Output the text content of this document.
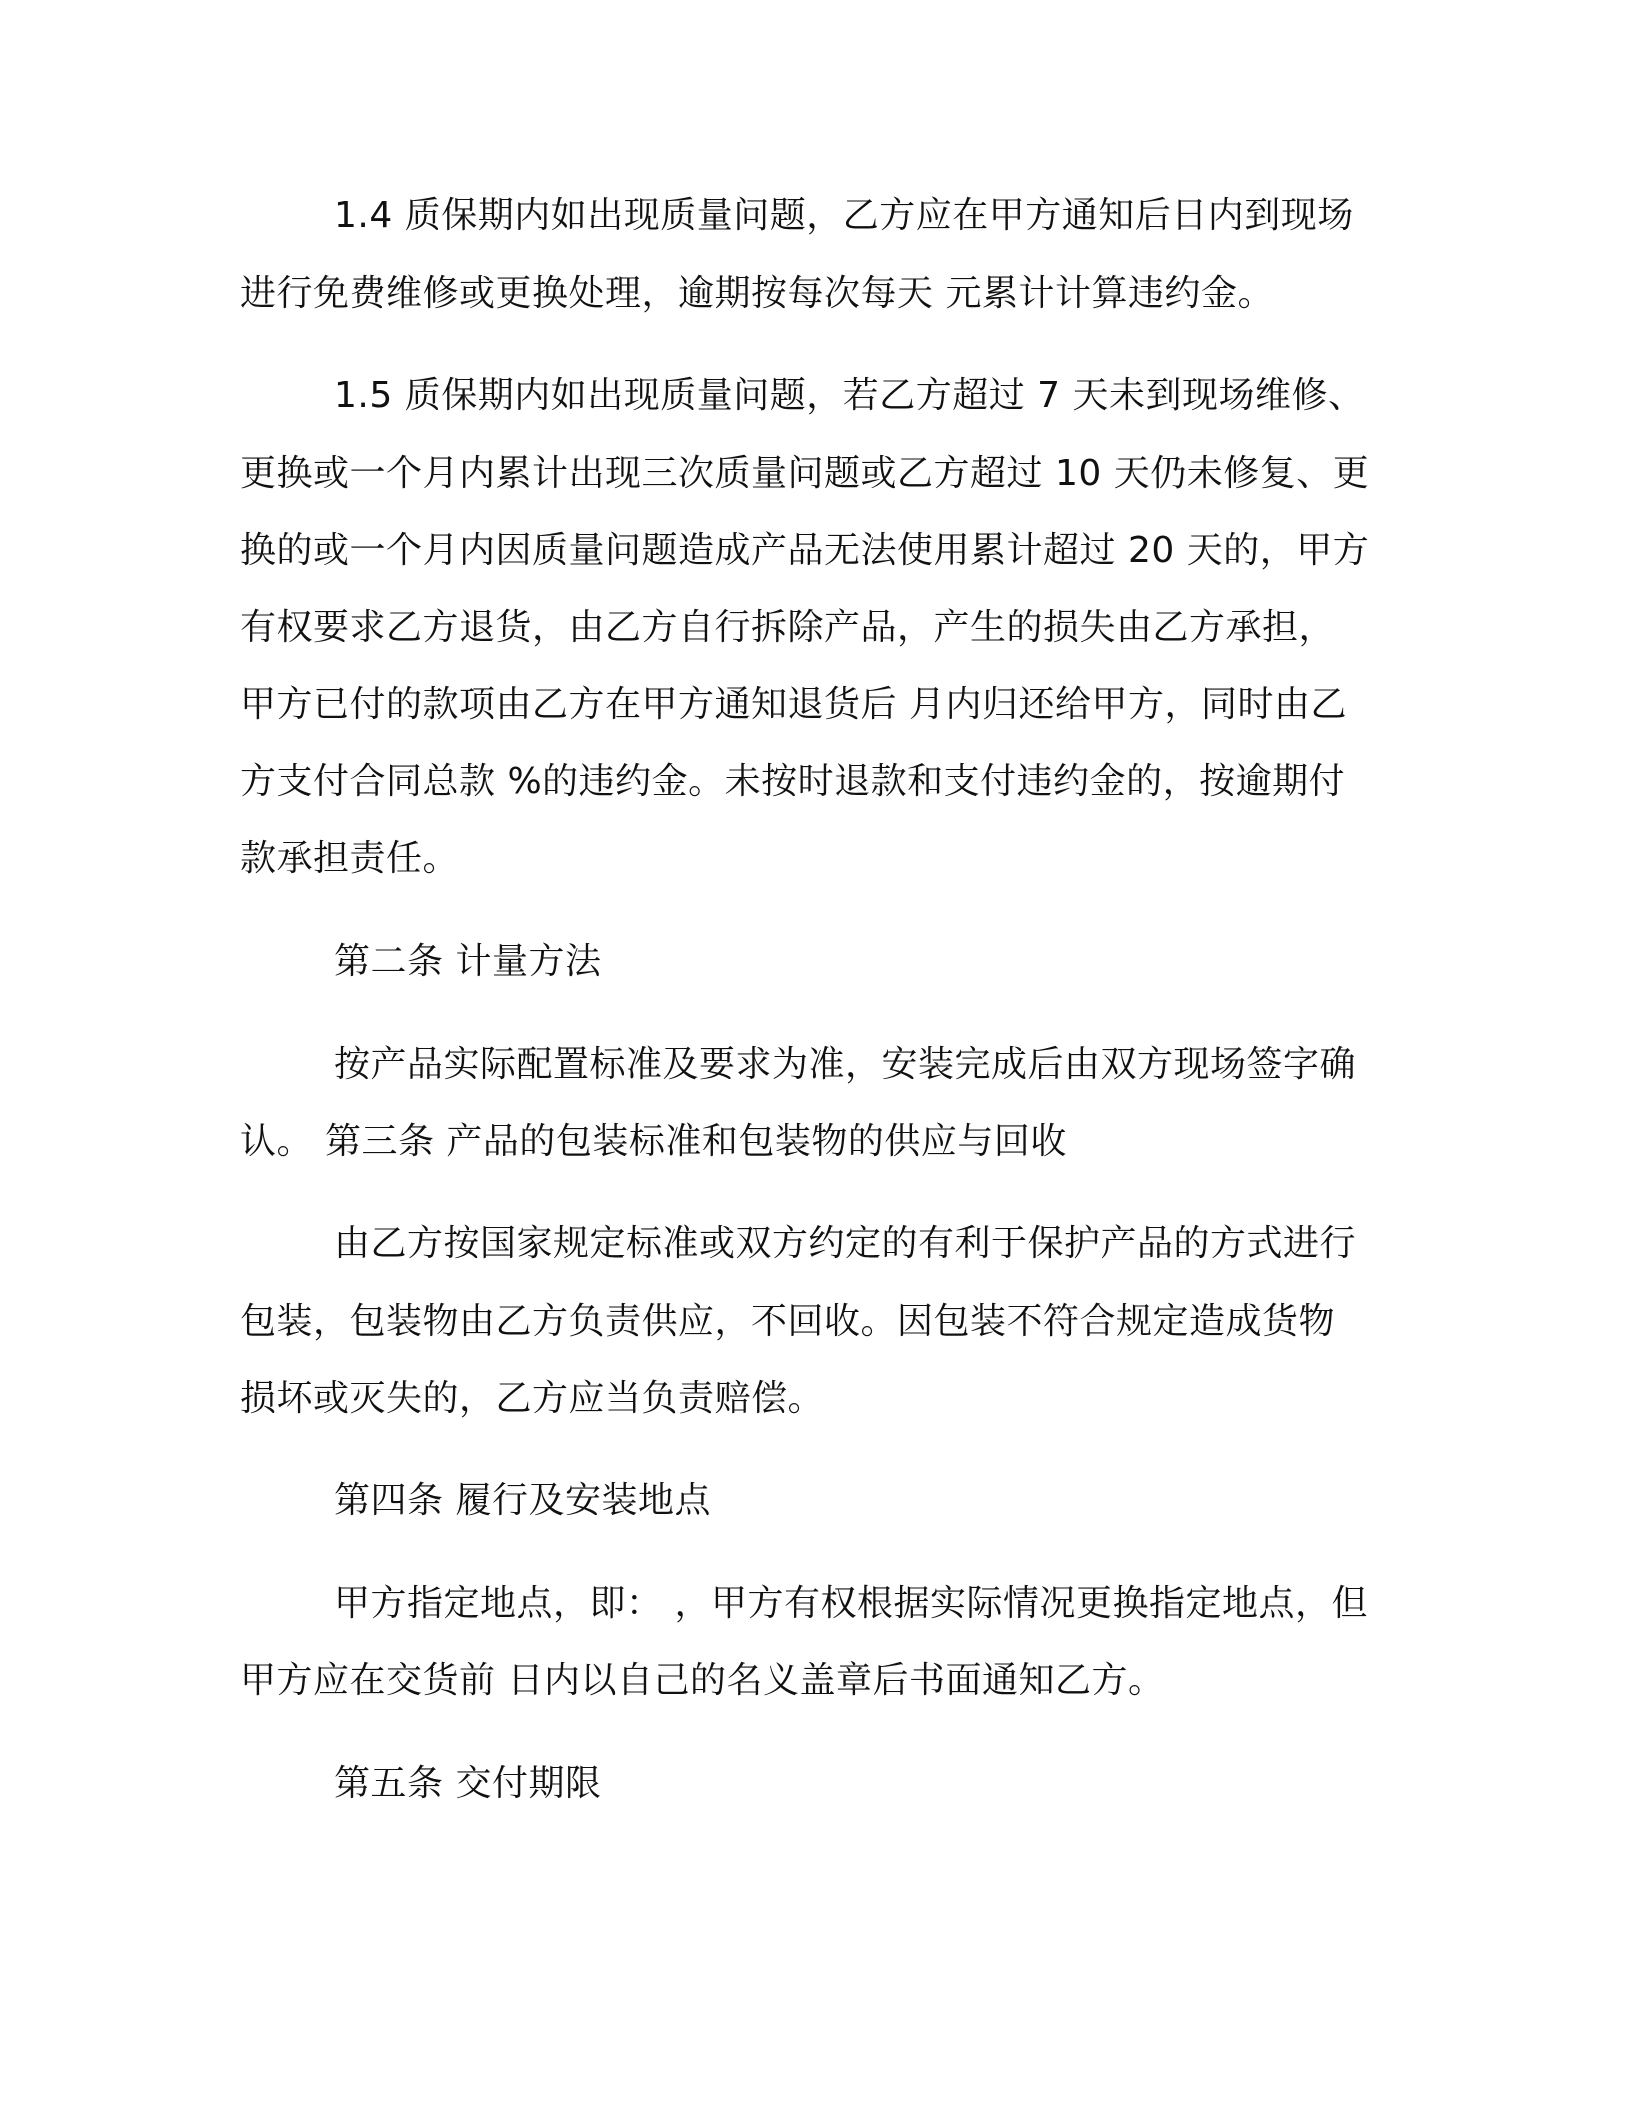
1.4 质保期内如出现质量问题，乙方应在甲方通知后日内到现场
进行免费维修或更换处理，逾期按每次每天 元累计计算违约金。
1.5 质保期内如出现质量问题，若乙方超过 7 天未到现场维修、
更换或一个月内累计出现三次质量问题或乙方超过 10 天仍未修复、更
换的或一个月内因质量问题造成产品无法使用累计超过 20 天的，甲方
有权要求乙方退货，由乙方自行拆除产品，产生的损失由乙方承担，
甲方已付的款项由乙方在甲方通知退货后 月内归还给甲方，同时由乙
方支付合同总款 %的违约金。未按时退款和支付违约金的，按逾期付
款承担责任。
第二条 计量方法
按产品实际配置标准及要求为准，安装完成后由双方现场签字确
认。 第三条 产品的包装标准和包装物的供应与回收
由乙方按国家规定标准或双方约定的有利于保护产品的方式进行
包装，包装物由乙方负责供应，不回收。因包装不符合规定造成货物
损坏或灭失的，乙方应当负责赔偿。
第四条 履行及安装地点
甲方指定地点，即： ，甲方有权根据实际情况更换指定地点，但
甲方应在交货前 日内以自己的名义盖章后书面通知乙方。
第五条 交付期限
